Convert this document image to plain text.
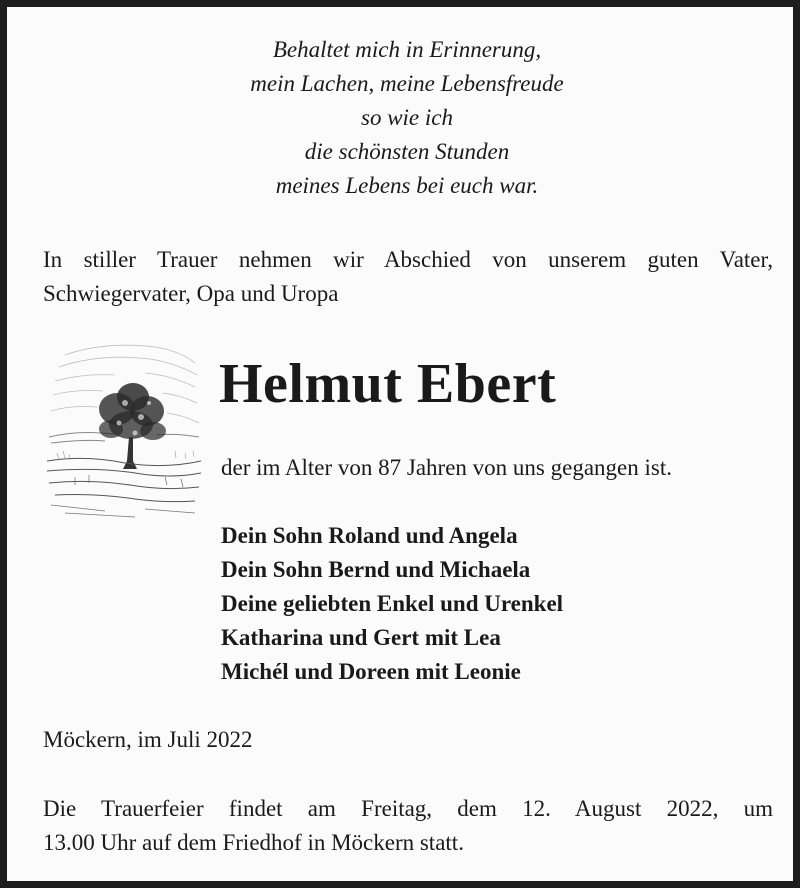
Behaltet mich in Erinnerung,
mein Lachen, meine Lebensfreude
so wie ich
die schönsten Stunden
meines Lebens bei euch war.
In stiller Trauer nehmen wir Abschied von unserem guten Vater,
Schwiegervater, Opa und Uropa
Helmut Ebert
der im Alter von 87 Jahren von uns gegangen ist.
Dein Sohn Roland und Angela
Dein Sohn Bernd und Michaela
Deine geliebten Enkel und Urenkel
Katharina und Gert mit Lea
Michél und Doreen mit Leonie
Möckern, im Juli 2022
Die Trauerfeier findet am Freitag, dem 12. August 2022, um
13.00 Uhr auf dem Friedhof in Möckern statt.
